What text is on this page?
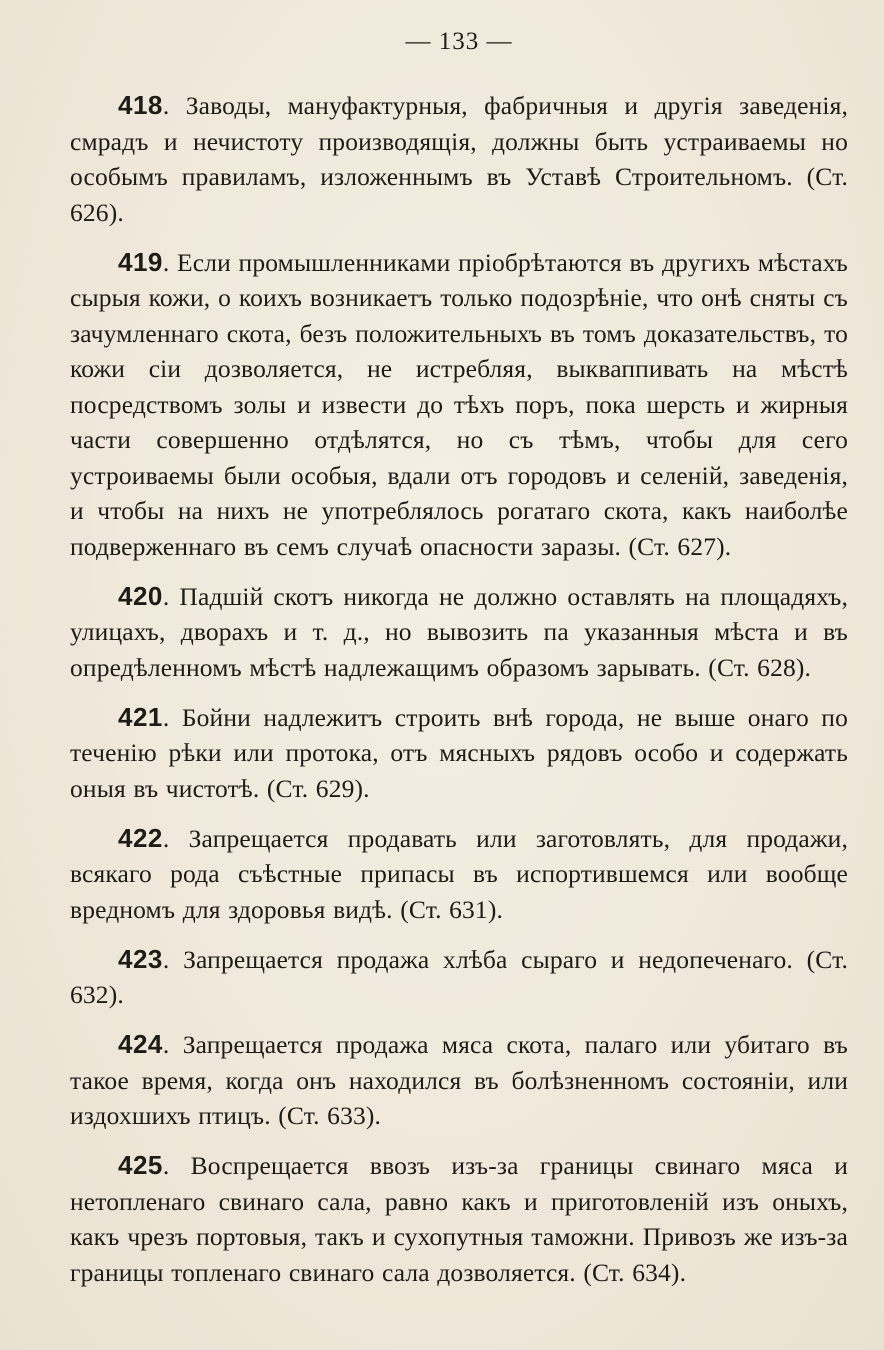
— 133 —

418. Заводы, мануфактурныя, фабричныя и другія заведенія, смрадъ и нечистоту производящія, должны быть устраиваемы но особымъ правиламъ, изложеннымъ въ Уставѣ Строительномъ. (Ст. 626).

419. Если промышленниками пріобрѣтаются въ другихъ мѣстахъ сырыя кожи, о коихъ возникаетъ только подозрѣніе, что онѣ сняты съ зачумленнаго скота, безъ положительныхъ въ томъ доказательствъ, то кожи сіи дозволяется, не истребляя, выкваппивать на мѣстѣ посредствомъ золы и извести до тѣхъ поръ, пока шерсть и жирныя части совершенно отдѣлятся, но съ тѣмъ, чтобы для сего устроиваемы были особыя, вдали отъ городовъ и селеній, заведенія, и чтобы на нихъ не употреблялось рогатаго скота, какъ наиболѣе подверженнаго въ семъ случаѣ опасности заразы. (Ст. 627).

420. Падшій скотъ никогда не должно оставлять на площадяхъ, улицахъ, дворахъ и т. д., но вывозить па указанныя мѣста и въ опредѣленномъ мѣстѣ надлежащимъ образомъ зарывать. (Ст. 628).

421. Бойни надлежитъ строить внѣ города, не выше онаго по теченію рѣки или протока, отъ мясныхъ рядовъ особо и содержать оныя въ чистотѣ. (Ст. 629).

422. Запрещается продавать или заготовлять, для продажи, всякаго рода съѣстные припасы въ испортившемся или вообще вредномъ для здоровья видѣ. (Ст. 631).

423. Запрещается продажа хлѣба сыраго и недопеченаго. (Ст. 632).

424. Запрещается продажа мяса скота, палаго или убитаго въ такое время, когда онъ находился въ болѣзненномъ состояніи, или издохшихъ птицъ. (Ст. 633).

425. Воспрещается ввозъ изъ-за границы свинаго мяса и нетопленаго свинаго сала, равно какъ и приготовленій изъ оныхъ, какъ чрезъ портовыя, такъ и сухопутныя таможни. Привозъ же изъ-за границы топленаго свинаго сала дозволяется. (Ст. 634).
